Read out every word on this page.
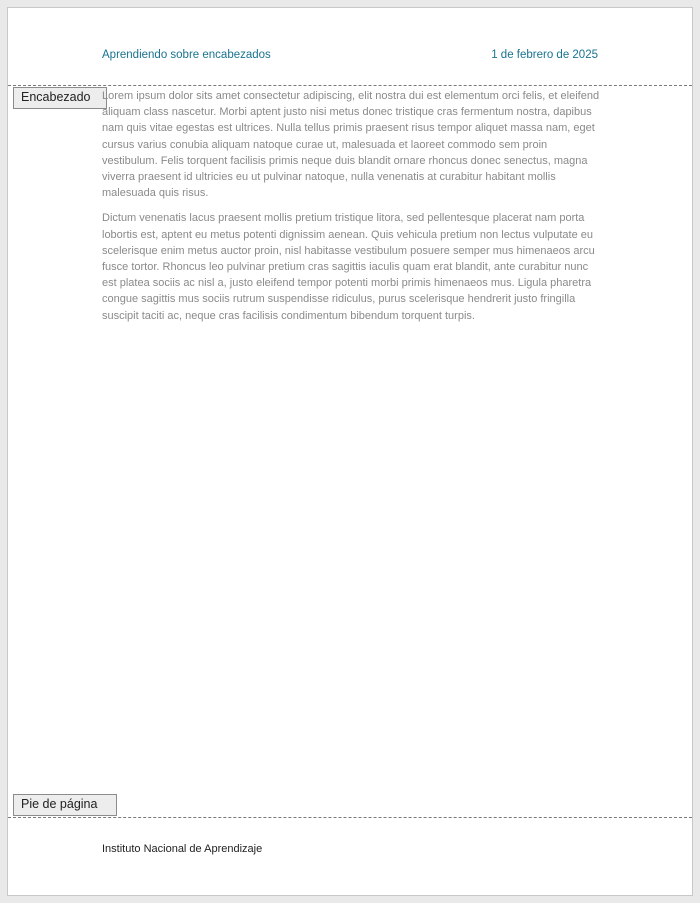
Aprendiendo sobre encabezados	1 de febrero de 2025
Encabezado	Lorem ipsum dolor sits amet consectetur adipiscing, elit nostra dui est elementum orci felis, et eleifend aliquam class nascetur. Morbi aptent justo nisi metus donec tristique cras fermentum nostra, dapibus nam quis vitae egestas est ultrices. Nulla tellus primis praesent risus tempor aliquet massa nam, eget cursus varius conubia aliquam natoque curae ut, malesuada et laoreet commodo sem proin vestibulum. Felis torquent facilisis primis neque duis blandit ornare rhoncus donec senectus, magna viverra praesent id ultricies eu ut pulvinar natoque, nulla venenatis at curabitur habitant mollis malesuada quis risus.

Dictum venenatis lacus praesent mollis pretium tristique litora, sed pellentesque placerat nam porta lobortis est, aptent eu metus potenti dignissim aenean. Quis vehicula pretium non lectus vulputate eu scelerisque enim metus auctor proin, nisl habitasse vestibulum posuere semper mus himenaeos arcu fusce tortor. Rhoncus leo pulvinar pretium cras sagittis iaculis quam erat blandit, ante curabitur nunc est platea sociis ac nisl a, justo eleifend tempor potenti morbi primis himenaeos mus. Ligula pharetra congue sagittis mus sociis rutrum suspendisse ridiculus, purus scelerisque hendrerit justo fringilla suscipit taciti ac, neque cras facilisis condimentum bibendum torquent turpis.

Pie de página
Instituto Nacional de Aprendizaje
